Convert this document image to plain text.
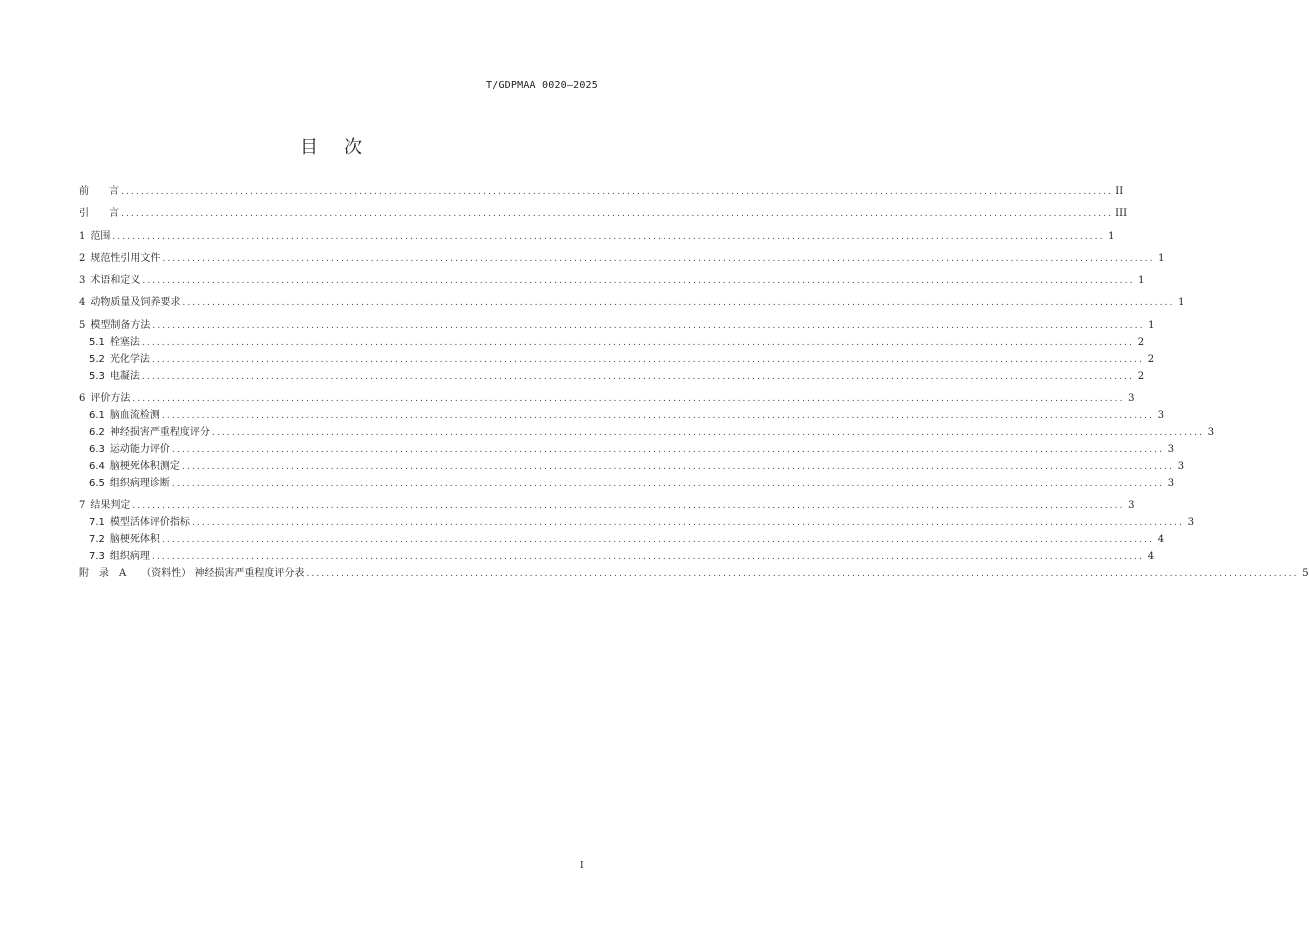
T/GDPMAA 0020—2025
目次
前　　言 ........................................................................................................................................................................................................ II
引　　言 ........................................................................................................................................................................................................ III
1 范围 ........................................................................................................................................................................................................ 1
2 规范性引用文件 ........................................................................................................................................................................................................ 1
3 术语和定义 ........................................................................................................................................................................................................ 1
4 动物质量及饲养要求 ........................................................................................................................................................................................................ 1
5 模型制备方法 ........................................................................................................................................................................................................ 1
5.1 栓塞法 ........................................................................................................................................................................................................ 2
5.2 光化学法 ........................................................................................................................................................................................................ 2
5.3 电凝法 ........................................................................................................................................................................................................ 2
6 评价方法 ........................................................................................................................................................................................................ 3
6.1 脑血流检测 ........................................................................................................................................................................................................ 3
6.2 神经损害严重程度评分 ........................................................................................................................................................................................................ 3
6.3 运动能力评价 ........................................................................................................................................................................................................ 3
6.4 脑梗死体积测定 ........................................................................................................................................................................................................ 3
6.5 组织病理诊断 ........................................................................................................................................................................................................ 3
7 结果判定 ........................................................................................................................................................................................................ 3
7.1 模型活体评价指标 ........................................................................................................................................................................................................ 3
7.2 脑梗死体积 ........................................................................................................................................................................................................ 4
7.3 组织病理 ........................................................................................................................................................................................................ 4
附　录　A　　（资料性） 神经损害严重程度评分表 ........................................................................................................................................................................................................ 5
I
